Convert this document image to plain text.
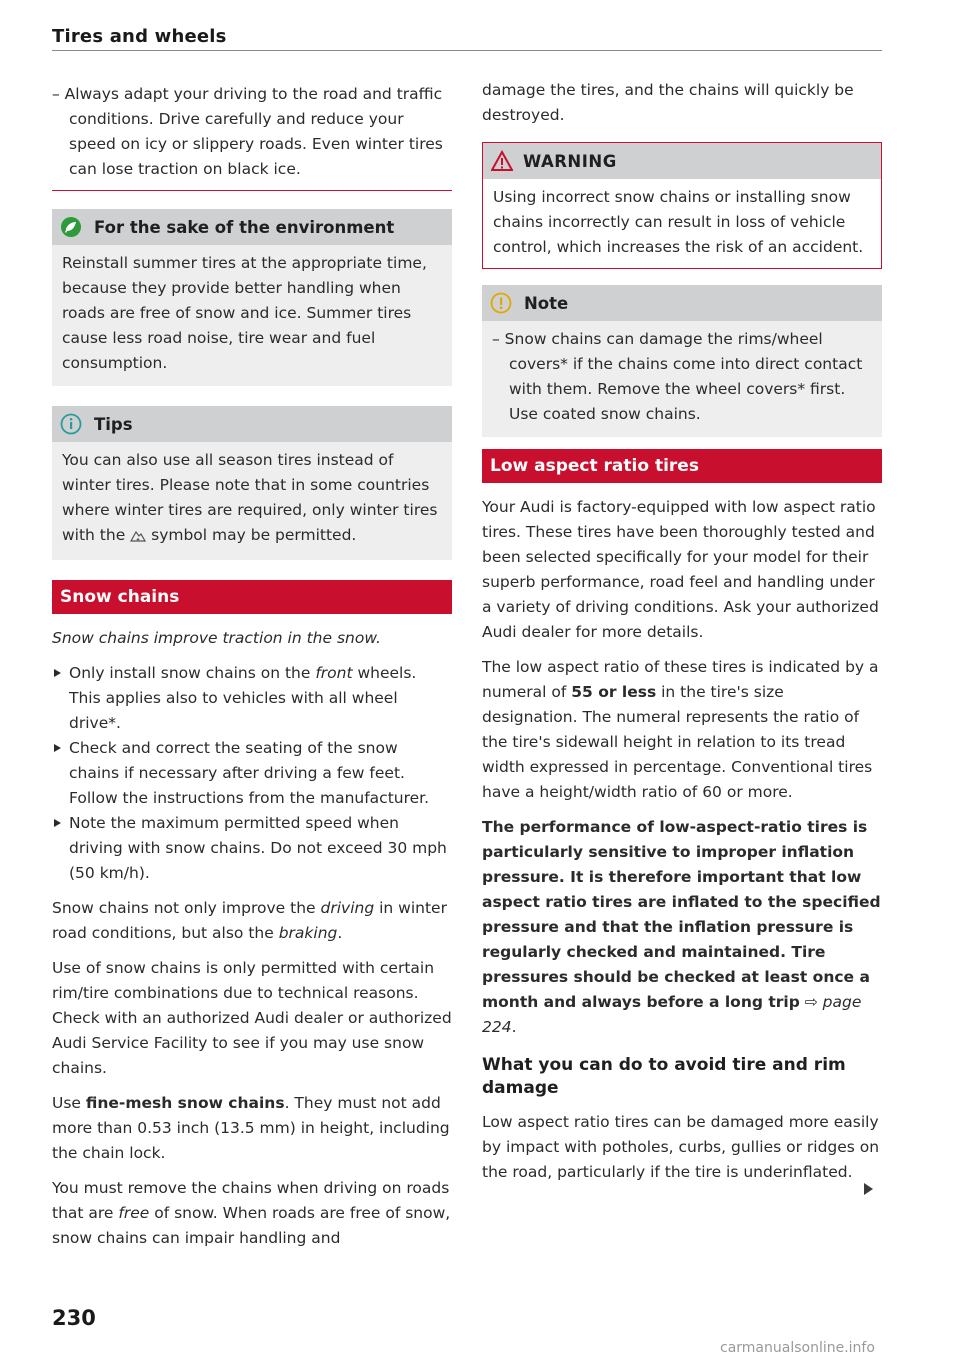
Tires and wheels

– Always adapt your driving to the road and traffic conditions. Drive carefully and reduce your speed on icy or slippery roads. Even winter tires can lose traction on black ice.

For the sake of the environment

Reinstall summer tires at the appropriate time, because they provide better handling when roads are free of snow and ice. Summer tires cause less road noise, tire wear and fuel consumption.

Tips

You can also use all season tires instead of winter tires. Please note that in some countries where winter tires are required, only winter tires with the symbol may be permitted.

Snow chains

Snow chains improve traction in the snow.

Only install snow chains on the front wheels. This applies also to vehicles with all wheel drive*.
Check and correct the seating of the snow chains if necessary after driving a few feet. Follow the instructions from the manufacturer.
Note the maximum permitted speed when driving with snow chains. Do not exceed 30 mph (50 km/h).

Snow chains not only improve the driving in winter road conditions, but also the braking.

Use of snow chains is only permitted with certain rim/tire combinations due to technical reasons. Check with an authorized Audi dealer or authorized Audi Service Facility to see if you may use snow chains.

Use fine-mesh snow chains. They must not add more than 0.53 inch (13.5 mm) in height, including the chain lock.

You must remove the chains when driving on roads that are free of snow. When roads are free of snow, snow chains can impair handling and

damage the tires, and the chains will quickly be destroyed.

WARNING

Using incorrect snow chains or installing snow chains incorrectly can result in loss of vehicle control, which increases the risk of an accident.

Note

– Snow chains can damage the rims/wheel covers* if the chains come into direct contact with them. Remove the wheel covers* first. Use coated snow chains.

Low aspect ratio tires

Your Audi is factory-equipped with low aspect ratio tires. These tires have been thoroughly tested and been selected specifically for your model for their superb performance, road feel and handling under a variety of driving conditions. Ask your authorized Audi dealer for more details.

The low aspect ratio of these tires is indicated by a numeral of 55 or less in the tire's size designation. The numeral represents the ratio of the tire's sidewall height in relation to its tread width expressed in percentage. Conventional tires have a height/width ratio of 60 or more.

The performance of low-aspect-ratio tires is particularly sensitive to improper inflation pressure. It is therefore important that low aspect ratio tires are inflated to the specified pressure and that the inflation pressure is regularly checked and maintained. Tire pressures should be checked at least once a month and always before a long trip ⇨ page 224.

What you can do to avoid tire and rim damage

Low aspect ratio tires can be damaged more easily by impact with potholes, curbs, gullies or ridges on the road, particularly if the tire is underinflated.

230
carmanualsonline.info
